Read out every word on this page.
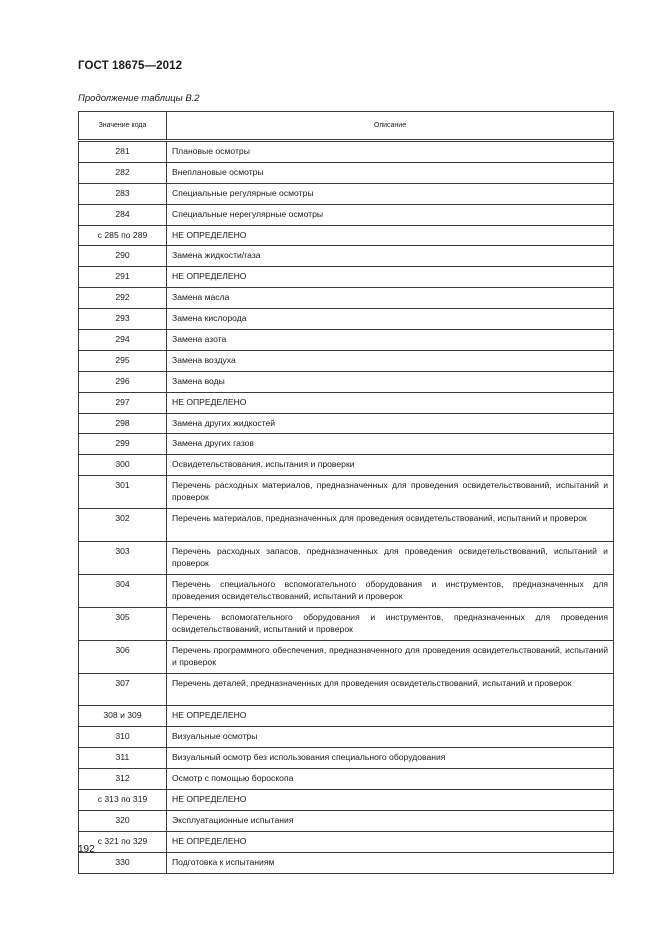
ГОСТ 18675—2012
Продолжение таблицы В.2
Значение кода	Описание
281	Плановые осмотры
282	Внеплановые осмотры
283	Специальные регулярные осмотры
284	Специальные нерегулярные осмотры
с 285 по 289	НЕ ОПРЕДЕЛЕНО
290	Замена жидкости/газа
291	НЕ ОПРЕДЕЛЕНО
292	Замена масла
293	Замена кислорода
294	Замена азота
295	Замена воздуха
296	Замена воды
297	НЕ ОПРЕДЕЛЕНО
298	Замена других жидкостей
299	Замена других газов
300	Освидетельствования, испытания и проверки
301	Перечень расходных материалов, предназначенных для проведения освидетельствований, испытаний и проверок
302	Перечень материалов, предназначенных для проведения освидетельствований, испытаний и проверок
303	Перечень расходных запасов, предназначенных для проведения освидетельствований, испытаний и проверок
304	Перечень специального вспомогательного оборудования и инструментов, предназначенных для проведения освидетельствований, испытаний и проверок
305	Перечень вспомогательного оборудования и инструментов, предназначенных для проведения освидетельствований, испытаний и проверок
306	Перечень программного обеспечения, предназначенного для проведения освидетельствований, испытаний и проверок
307	Перечень деталей, предназначенных для проведения освидетельствований, испытаний и проверок
308 и 309	НЕ ОПРЕДЕЛЕНО
310	Визуальные осмотры
311	Визуальный осмотр без использования специального оборудования
312	Осмотр с помощью бороскопа
с 313 по 319	НЕ ОПРЕДЕЛЕНО
320	Эксплуатационные испытания
с 321 по 329	НЕ ОПРЕДЕЛЕНО
330	Подготовка к испытаниям
192
